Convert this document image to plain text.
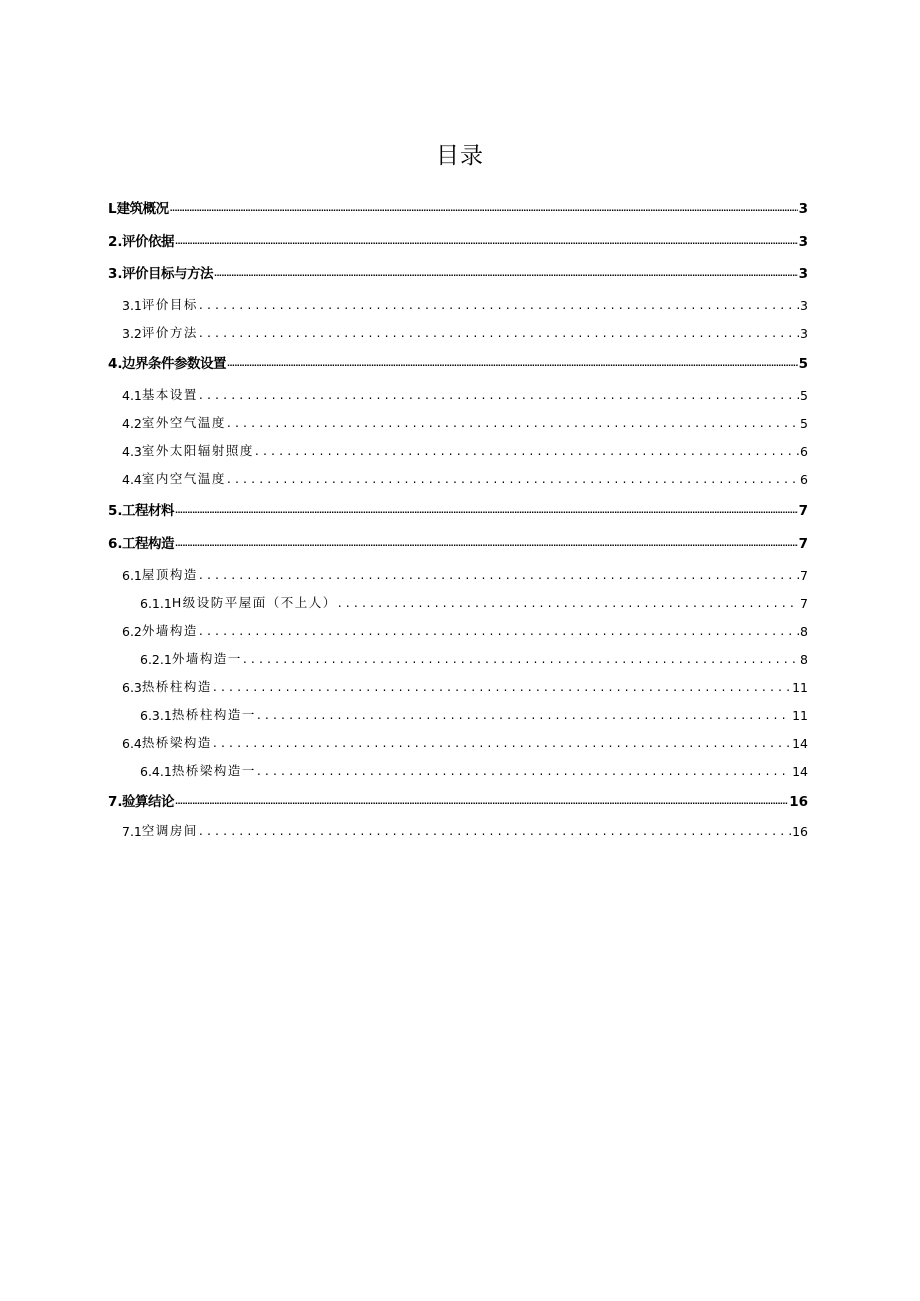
目录
L 建筑概况 .....	3
2 .评价依据 .....	3
3 .评价目标与方法 .....	3
3.1 评价目标 .....	3
3.2 评价方法 .....	3
4 .边界条件参数设置 .....	5
4.1 基本设置 .....	5
4.2 室外空气温度 .....	5
4.3 室外太阳辐射照度 .....	6
4.4 室内空气温度 .....	6
5 .工程材料 .....	7
6 .工程构造 .....	7
6.1 屋顶构造 .....	7
6.1.1 H级设防平屋面（不上人） .....	7
6.2 外墙构造 .....	8
6.2.1 外墙构造一 .....	8
6.3 热桥柱构造 .....	11
6.3.1 热桥柱构造一 .....	11
6.4 热桥梁构造 .....	14
6.4.1 热桥梁构造一 .....	14
7 .验算结论 .....	16
7.1 空调房间 .....	16
